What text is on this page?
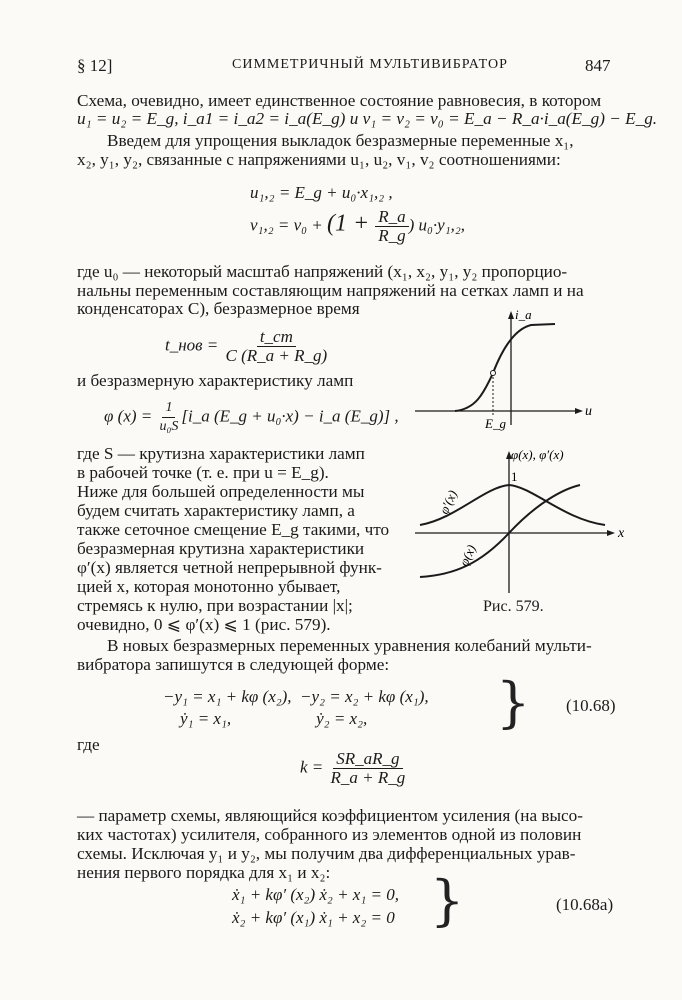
§ 12]	СИММЕТРИЧНЫЙ МУЛЬТИВИБРАТОР	847
Схема, очевидно, имеет единственное состояние равновесия, в котором
u₁ = u₂ = E_g, i_a1 = i_a2 = i_a(E_g) и v₁ = v₂ = v₀ = E_a − R_a·i_a(E_g) − E_g.
Введем для упрощения выкладок безразмерные переменные x₁,
x₂, y₁, y₂, связанные с напряжениями u₁, u₂, v₁, v₂ соотношениями:
u₁,₂ = E_g + u₀·x₁,₂ ,
$v_1,_2 = v_0 + (1 + \frac{R\_a}{R\_g}$ ) u₀·y₁,₂,
где u₀ — некоторый масштаб напряжений (x₁, x₂, y₁, y₂ пропорцио-
нальны переменным составляющим напряжений на сетках ламп и на
конденсаторах C), безразмерное время
t_нов = $\frac{t\_ст}{C (R\_a + R\_g)}$
и безразмерную характеристику ламп
φ $(x) = \frac{1}{\text{u₀S}}$ [i_a (E_g + u₀·x) − i_a (E_g)] ,
i_a
u
E_g
где S — крутизна характеристики ламп
в рабочей точке (т. е. при u = E_g).
Ниже для большей определенности мы
будем считать характеристику ламп, а
также сеточное смещение E_g такими, что
безразмерная крутизна характеристики
φ′(x) является четной непрерывной функ-
цией x, которая монотонно убывает,
стремясь к нулю, при возрастании |x|;
очевидно, 0 ⩽ φ′(x) ⩽ 1 (рис. 579).
φ(x), φ′(x)
x
1
φ′(x)
φ(x)
Рис. 579.
В новых безразмерных переменных уравнения колебаний мульти-
вибратора запишутся в следующей форме:
−y₁ = x₁ + kφ (x₂),  −y₂ = x₂ + kφ (x₁),
ẏ₁ = x₁,                    ẏ₂ = x₂, } (10.68)
где
$k = \frac{SR\_aR\_g}{R\_a + R\_g}$
— параметр схемы, являющийся коэффициентом усиления (на высо-
ких частотах) усилителя, собранного из элементов одной из половин
схемы. Исключая y₁ и y₂, мы получим два дифференциальных урав-
нения первого порядка для x₁ и x₂:
ẋ₁ + kφ′ (x₂) ẋ₂ + x₁ = 0,
ẋ₂ + kφ′ (x₁) ẋ₁ + x₂ = 0 }	(10.68a)
